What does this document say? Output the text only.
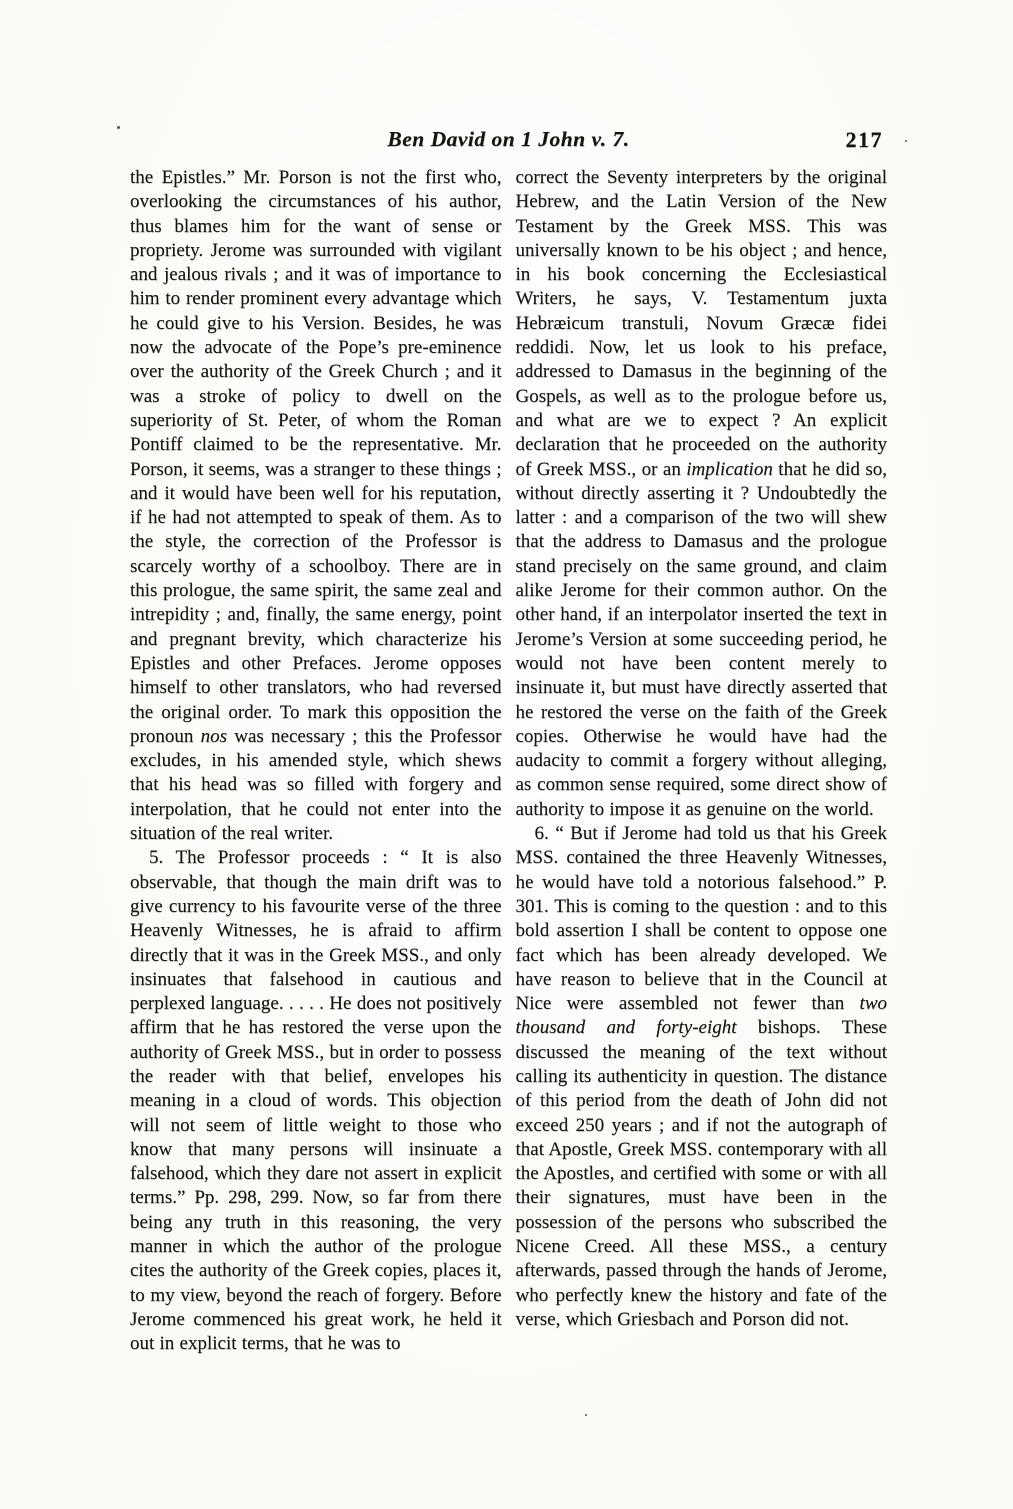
Ben David on 1 John v. 7.	217

the Epistles.” Mr. Porson is not the first who, overlooking the circumstances of his author, thus blames him for the want of sense or propriety. Jerome was surrounded with vigilant and jealous rivals ; and it was of importance to him to render prominent every advantage which he could give to his Version. Besides, he was now the advocate of the Pope’s pre-eminence over the authority of the Greek Church ; and it was a stroke of policy to dwell on the superiority of St. Peter, of whom the Roman Pontiff claimed to be the representative. Mr. Porson, it seems, was a stranger to these things ; and it would have been well for his reputation, if he had not attempted to speak of them. As to the style, the correction of the Professor is scarcely worthy of a schoolboy. There are in this prologue, the same spirit, the same zeal and intrepidity ; and, finally, the same energy, point and pregnant brevity, which characterize his Epistles and other Prefaces. Jerome opposes himself to other translators, who had reversed the original order. To mark this opposition the pronoun nos was necessary ; this the Professor excludes, in his amended style, which shews that his head was so filled with forgery and interpolation, that he could not enter into the situation of the real writer.

5. The Professor proceeds : “ It is also observable, that though the main drift was to give currency to his favourite verse of the three Heavenly Witnesses, he is afraid to affirm directly that it was in the Greek MSS., and only insinuates that falsehood in cautious and perplexed language. . . . . He does not positively affirm that he has restored the verse upon the authority of Greek MSS., but in order to possess the reader with that belief, envelopes his meaning in a cloud of words. This objection will not seem of little weight to those who know that many persons will insinuate a falsehood, which they dare not assert in explicit terms.” Pp. 298, 299. Now, so far from there being any truth in this reasoning, the very manner in which the author of the prologue cites the authority of the Greek copies, places it, to my view, beyond the reach of forgery. Before Jerome commenced his great work, he held it out in explicit terms, that he was to

correct the Seventy interpreters by the original Hebrew, and the Latin Version of the New Testament by the Greek MSS. This was universally known to be his object ; and hence, in his book concerning the Ecclesiastical Writers, he says, V. Testamentum juxta Hebræicum transtuli, Novum Græcæ fidei reddidi. Now, let us look to his preface, addressed to Damasus in the beginning of the Gospels, as well as to the prologue before us, and what are we to expect ? An explicit declaration that he proceeded on the authority of Greek MSS., or an implication that he did so, without directly asserting it ? Undoubtedly the latter : and a comparison of the two will shew that the address to Damasus and the prologue stand precisely on the same ground, and claim alike Jerome for their common author. On the other hand, if an interpolator inserted the text in Jerome’s Version at some succeeding period, he would not have been content merely to insinuate it, but must have directly asserted that he restored the verse on the faith of the Greek copies. Otherwise he would have had the audacity to commit a forgery without alleging, as common sense required, some direct show of authority to impose it as genuine on the world.

6. “ But if Jerome had told us that his Greek MSS. contained the three Heavenly Witnesses, he would have told a notorious falsehood.” P. 301. This is coming to the question : and to this bold assertion I shall be content to oppose one fact which has been already developed. We have reason to believe that in the Council at Nice were assembled not fewer than two thousand and forty-eight bishops. These discussed the meaning of the text without calling its authenticity in question. The distance of this period from the death of John did not exceed 250 years ; and if not the autograph of that Apostle, Greek MSS. contemporary with all the Apostles, and certified with some or with all their signatures, must have been in the possession of the persons who subscribed the Nicene Creed. All these MSS., a century afterwards, passed through the hands of Jerome, who perfectly knew the history and fate of the verse, which Griesbach and Porson did not.
